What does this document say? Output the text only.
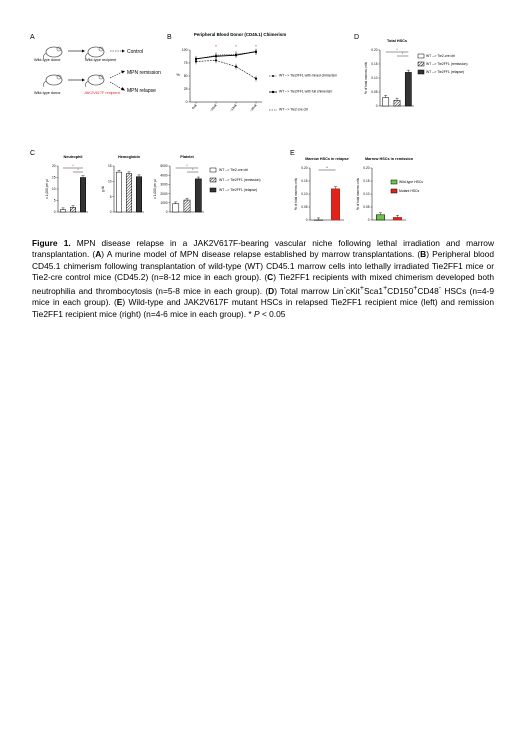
A
Wild-type donor	Wild-type recipient
Control
Wild-type donor	JAK2V617F recipient
MPN remission
MPN relapse
B	Peripheral Blood Donor (CD45.1) Chimerism
0
25
50
75
100
%
6wk	~10wk	~13wk	~16wk
*	*	*
WT --> Tie2/FF1 with mixed chimerism
WT --> Tie2/FF1 with full chimerism
WT --> Tie2-cre ctrl
D	Total HSCs
0
0.05
0.10
0.15
0.20
% of total marrow cells
*
*	WT --> Tie2-cre ctrl
WT --> Tie2FF1 (remission)
WT --> Tie2FF1 (relapse)
C	Neutrophil
0
5
10
15
20
x 1,000 per µl
*
*
Hemoglobin
0
5
10
15
g /dl
Platelet
0
1000
2000
3000
4000
5000
x 1,000 per µl
*
*	WT --> Tie2-cre ctrl
WT --> Tie2FF1 (remission)
WT --> Tie2FF1 (relapse)
E
Marrow HSCs in relapse
0
0.05
0.10
0.15
0.20
% of total marrow cells
*
Marrow HSCs in remission
0
0.05
0.10
0.15
0.20
% of total marrow cells	Wild-type HSCs
Mutant HSCs

Figure 1. MPN disease relapse in a JAK2V617F-bearing vascular niche following lethal irradiation and marrow transplantation. (A) A murine model of MPN disease relapse established by marrow transplantations. (B) Peripheral blood CD45.1 chimerism following transplantation of wild-type (WT) CD45.1 marrow cells into lethally irradiated Tie2FF1 mice or Tie2-cre control mice (CD45.2) (n=8-12 mice in each group). (C) Tie2FF1 recipients with mixed chimerism developed both neutrophilia and thrombocytosis (n=5-8 mice in each group). (D) Total marrow Lin-cKit+Sca1+CD150+CD48- HSCs (n=4-9 mice in each group). (E) Wild-type and JAK2V617F mutant HSCs in relapsed Tie2FF1 recipient mice (left) and remission Tie2FF1 recipient mice (right) (n=4-6 mice in each group). * P < 0.05
